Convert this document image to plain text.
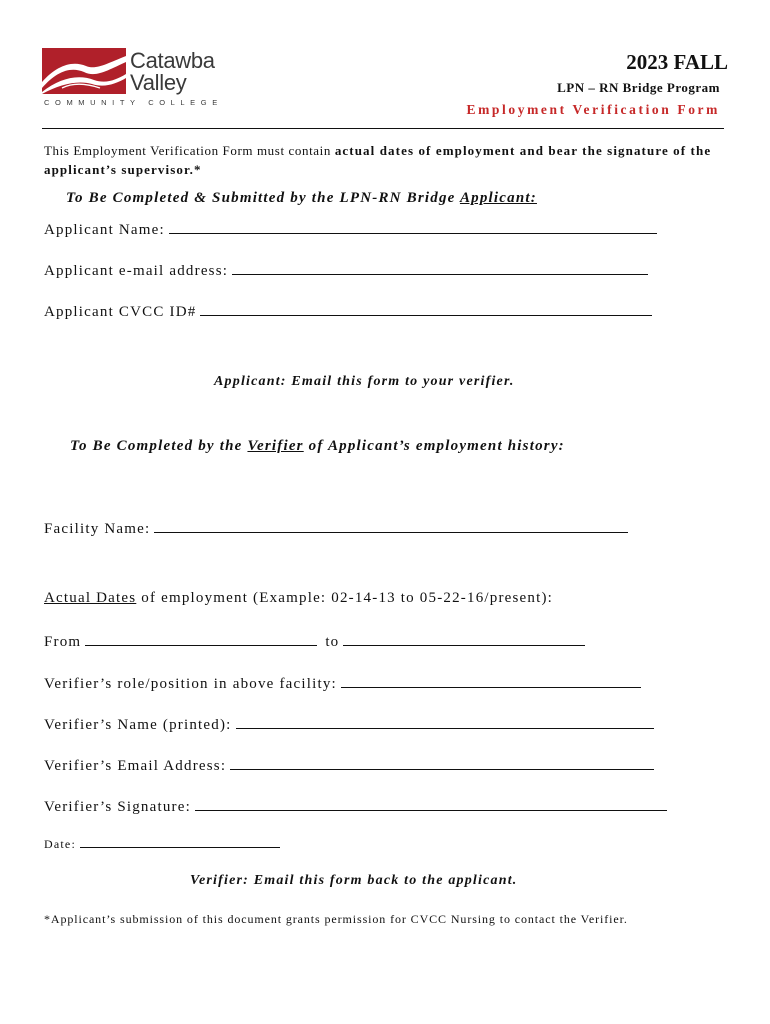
Catawba
Valley
COMMUNITY COLLEGE
2023 FALL
LPN – RN Bridge Program
Employment Verification Form
This Employment Verification Form must contain actual dates of employment and bear the signature of the applicant’s supervisor.*
To Be Completed & Submitted by the LPN-RN Bridge Applicant:
Applicant Name:
Applicant e-mail address:
Applicant CVCC ID#
Applicant: Email this form to your verifier.
To Be Completed by the Verifier of Applicant’s employment history:
Facility Name:
Actual Dates of employment (Example: 02-14-13 to 05-22-16/present):
From	to
Verifier’s role/position in above facility:
Verifier’s Name (printed):
Verifier’s Email Address:
Verifier’s Signature:
Date:
Verifier: Email this form back to the applicant.
*Applicant’s submission of this document grants permission for CVCC Nursing to contact the Verifier.
